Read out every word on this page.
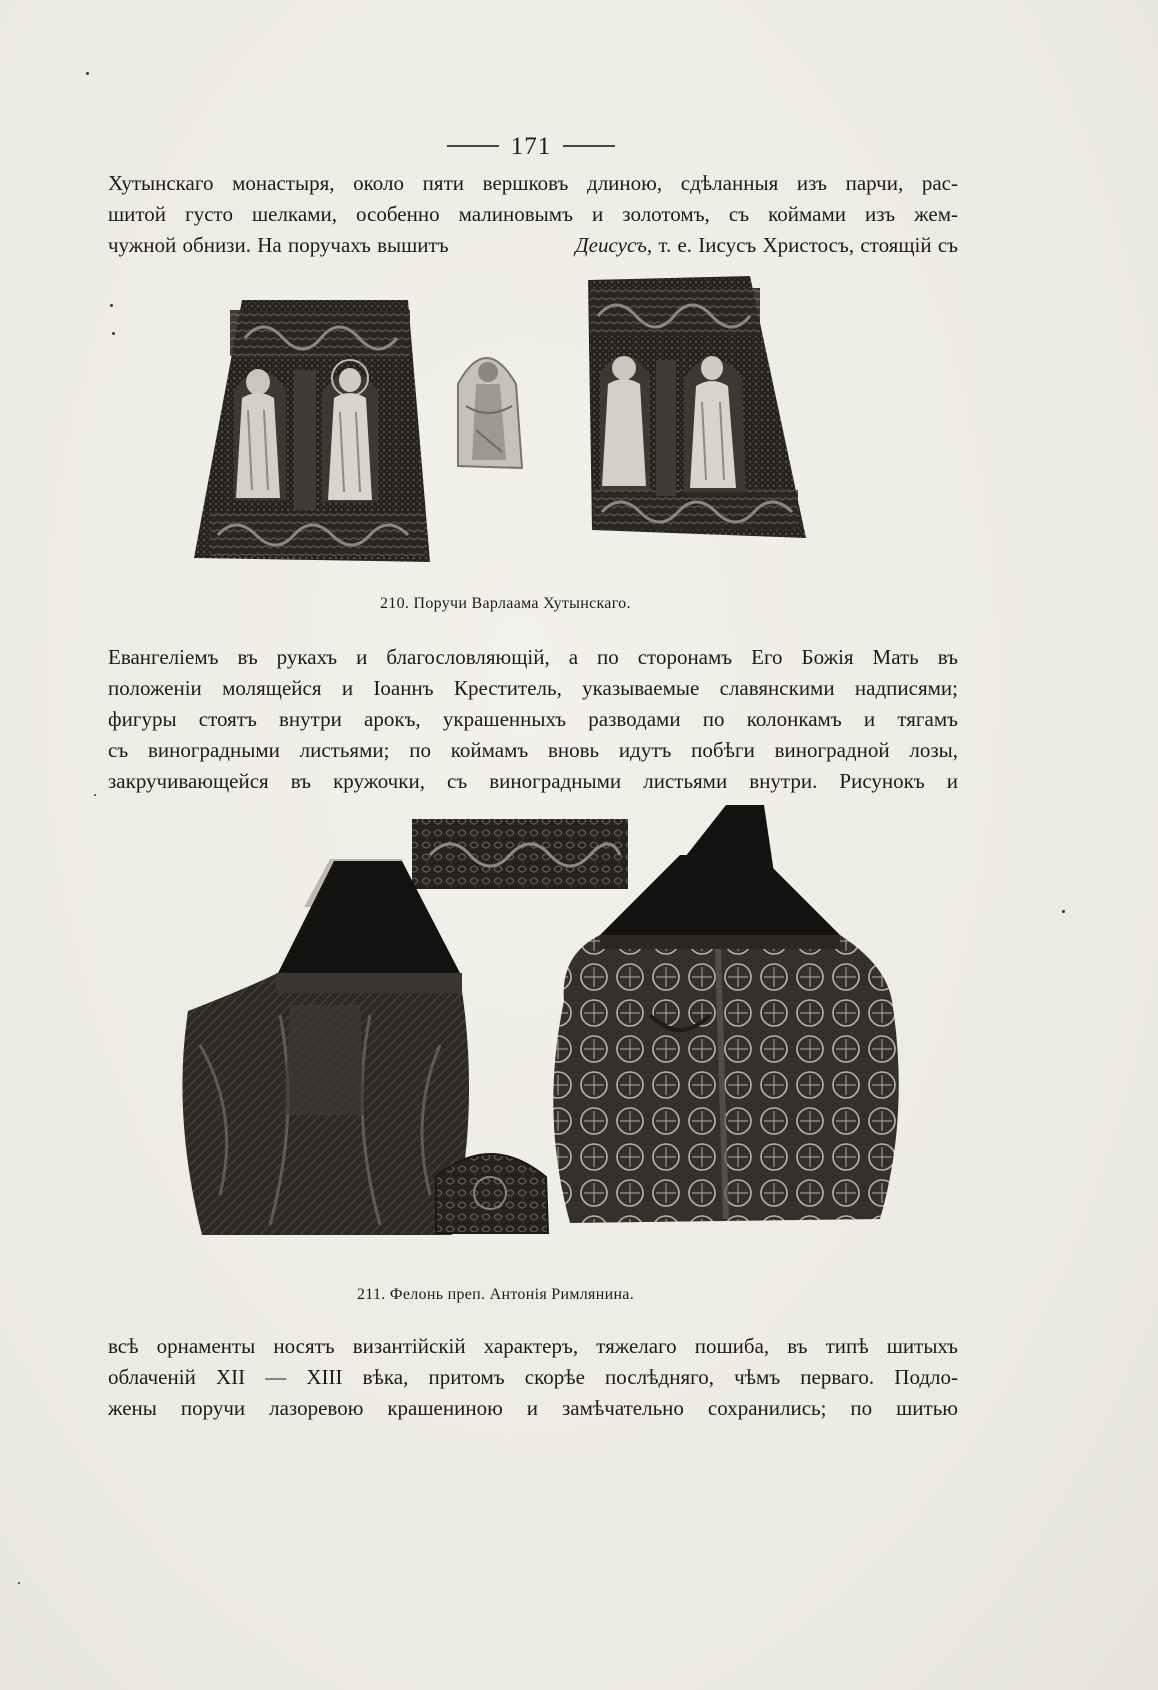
171
Хутынскаго монастыря, около пяти вершковъ длиною, сдѣланныя изъ парчи, рас-
шитой густо шелками, особенно малиновымъ и золотомъ, съ коймами изъ жем-
чужной обнизи. На поручахъ вышитъ	Деисусъ, т. е. Іисусъ Христосъ, стоящій съ
210. Поручи Варлаама Хутынскаго.
Евангеліемъ въ рукахъ и благословляющій, а по сторонамъ Его Божія Мать въ
положеніи молящейся и Іоаннъ Креститель, указываемые славянскими надписями;
фигуры стоятъ внутри арокъ, украшенныхъ разводами по колонкамъ и тягамъ
съ виноградными листьями; по коймамъ вновь идутъ побѣги виноградной лозы,
закручивающейся въ кружочки, съ виноградными листьями внутри. Рисунокъ и
211. Фелонь преп. Антонія Римлянина.
всѣ орнаменты носятъ византійскій характеръ, тяжелаго пошиба, въ типѣ шитыхъ
облаченій XII — XIII вѣка, притомъ скорѣе послѣдняго, чѣмъ перваго. Подло-
жены поручи лазоревою крашениною и замѣчательно сохранились; по шитью
